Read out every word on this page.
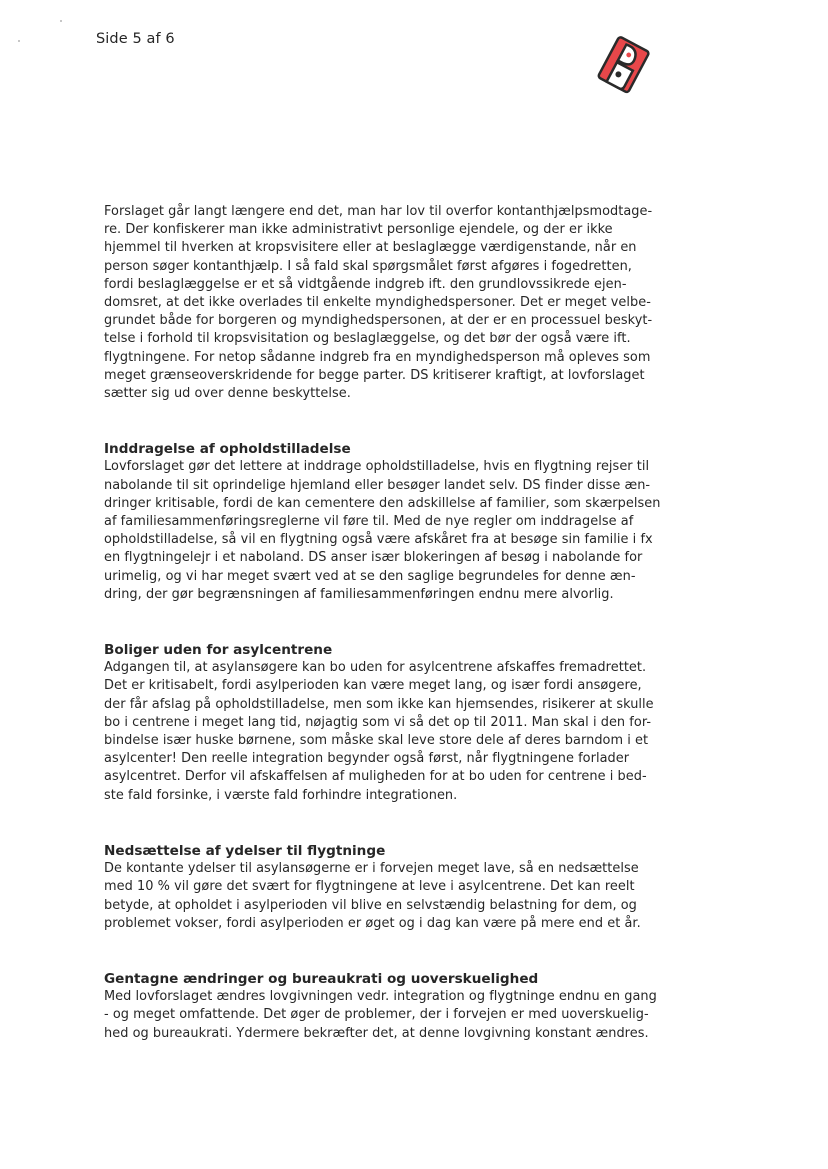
Side 5 af 6

Forslaget går langt længere end det, man har lov til overfor kontanthjælpsmodtage-
re. Der konfiskerer man ikke administrativt personlige ejendele, og der er ikke
hjemmel til hverken at kropsvisitere eller at beslaglægge værdigenstande, når en
person søger kontanthjælp. I så fald skal spørgsmålet først afgøres i fogedretten,
fordi beslaglæggelse er et så vidtgående indgreb ift. den grundlovssikrede ejen-
domsret, at det ikke overlades til enkelte myndighedspersoner. Det er meget velbe-
grundet både for borgeren og myndighedspersonen, at der er en processuel beskyt-
telse i forhold til kropsvisitation og beslaglæggelse, og det bør der også være ift.
flygtningene. For netop sådanne indgreb fra en myndighedsperson må opleves som
meget grænseoverskridende for begge parter. DS kritiserer kraftigt, at lovforslaget
sætter sig ud over denne beskyttelse.

Inddragelse af opholdstilladelse

Lovforslaget gør det lettere at inddrage opholdstilladelse, hvis en flygtning rejser til
nabolande til sit oprindelige hjemland eller besøger landet selv. DS finder disse æn-
dringer kritisable, fordi de kan cementere den adskillelse af familier, som skærpelsen
af familiesammenføringsreglerne vil føre til. Med de nye regler om inddragelse af
opholdstilladelse, så vil en flygtning også være afskåret fra at besøge sin familie i fx
en flygtningelejr i et naboland. DS anser især blokeringen af besøg i nabolande for
urimelig, og vi har meget svært ved at se den saglige begrundeles for denne æn-
dring, der gør begrænsningen af familiesammenføringen endnu mere alvorlig.

Boliger uden for asylcentrene

Adgangen til, at asylansøgere kan bo uden for asylcentrene afskaffes fremadrettet.
Det er kritisabelt, fordi asylperioden kan være meget lang, og især fordi ansøgere,
der får afslag på opholdstilladelse, men som ikke kan hjemsendes, risikerer at skulle
bo i centrene i meget lang tid, nøjagtig som vi så det op til 2011. Man skal i den for-
bindelse især huske børnene, som måske skal leve store dele af deres barndom i et
asylcenter! Den reelle integration begynder også først, når flygtningene forlader
asylcentret. Derfor vil afskaffelsen af muligheden for at bo uden for centrene i bed-
ste fald forsinke, i værste fald forhindre integrationen.

Nedsættelse af ydelser til flygtninge

De kontante ydelser til asylansøgerne er i forvejen meget lave, så en nedsættelse
med 10 % vil gøre det svært for flygtningene at leve i asylcentrene. Det kan reelt
betyde, at opholdet i asylperioden vil blive en selvstændig belastning for dem, og
problemet vokser, fordi asylperioden er øget og i dag kan være på mere end et år.

Gentagne ændringer og bureaukrati og uoverskuelighed

Med lovforslaget ændres lovgivningen vedr. integration og flygtninge endnu en gang
- og meget omfattende. Det øger de problemer, der i forvejen er med uoverskuelig-
hed og bureaukrati. Ydermere bekræfter det, at denne lovgivning konstant ændres.
